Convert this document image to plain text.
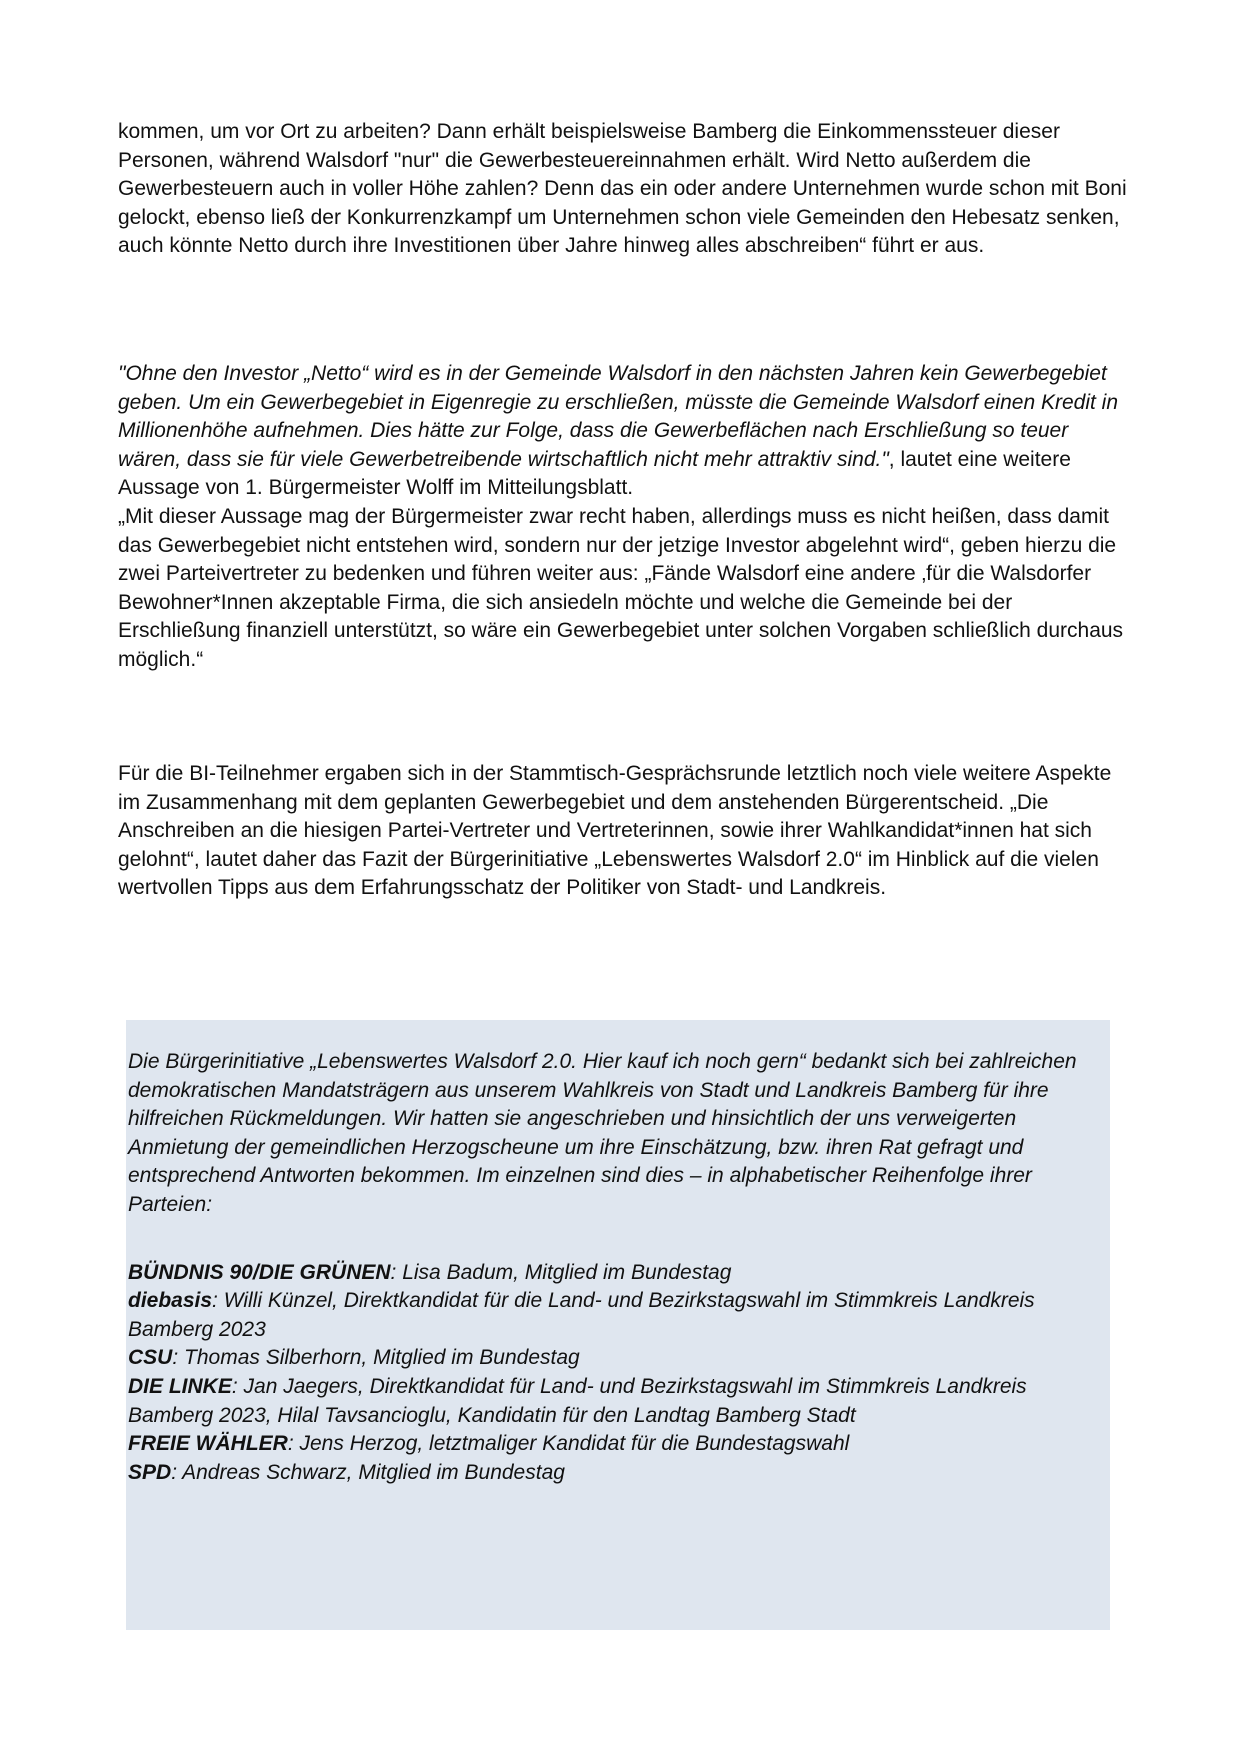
kommen, um vor Ort zu arbeiten? Dann erhält beispielsweise Bamberg die Einkommenssteuer dieser Personen, während Walsdorf "nur" die Gewerbesteuereinnahmen erhält. Wird Netto außerdem die Gewerbesteuern auch in voller Höhe zahlen? Denn das ein oder andere Unternehmen wurde schon mit Boni gelockt, ebenso ließ der Konkurrenzkampf um Unternehmen schon viele Gemeinden den Hebesatz senken, auch könnte Netto durch ihre Investitionen über Jahre hinweg alles abschreiben“ führt er aus.

"Ohne den Investor „Netto“ wird es in der Gemeinde Walsdorf in den nächsten Jahren kein Gewerbegebiet geben. Um ein Gewerbegebiet in Eigenregie zu erschließen, müsste die Gemeinde Walsdorf einen Kredit in Millionenhöhe aufnehmen. Dies hätte zur Folge, dass die Gewerbeflächen nach Erschließung so teuer wären, dass sie für viele Gewerbetreibende wirtschaftlich nicht mehr attraktiv sind.", lautet eine weitere Aussage von 1. Bürgermeister Wolff im Mitteilungsblatt.
„Mit dieser Aussage mag der Bürgermeister zwar recht haben, allerdings muss es nicht heißen, dass damit das Gewerbegebiet nicht entstehen wird, sondern nur der jetzige Investor abgelehnt wird“, geben hierzu die zwei Parteivertreter zu bedenken und führen weiter aus: „Fände Walsdorf eine andere ‚für die Walsdorfer Bewohner*Innen akzeptable Firma, die sich ansiedeln möchte und welche die Gemeinde bei der Erschließung finanziell unterstützt, so wäre ein Gewerbegebiet unter solchen Vorgaben schließlich durchaus möglich.“

Für die BI-Teilnehmer ergaben sich in der Stammtisch-Gesprächsrunde letztlich noch viele weitere Aspekte im Zusammenhang mit dem geplanten Gewerbegebiet und dem anstehenden Bürgerentscheid. „Die Anschreiben an die hiesigen Partei-Vertreter und Vertreterinnen, sowie ihrer Wahlkandidat*innen hat sich gelohnt“, lautet daher das Fazit der Bürgerinitiative „Lebenswertes Walsdorf 2.0“ im Hinblick auf die vielen wertvollen Tipps aus dem Erfahrungsschatz der Politiker von Stadt- und Landkreis.

Die Bürgerinitiative „Lebenswertes Walsdorf 2.0. Hier kauf ich noch gern“ bedankt sich bei zahlreichen demokratischen Mandatsträgern aus unserem Wahlkreis von Stadt und Landkreis Bamberg für ihre hilfreichen Rückmeldungen. Wir hatten sie angeschrieben und hinsichtlich der uns verweigerten Anmietung der gemeindlichen Herzogscheune um ihre Einschätzung, bzw. ihren Rat gefragt und entsprechend Antworten bekommen. Im einzelnen sind dies – in alphabetischer Reihenfolge ihrer Parteien:

BÜNDNIS 90/DIE GRÜNEN: Lisa Badum, Mitglied im Bundestag

diebasis: Willi Künzel, Direktkandidat für die Land- und Bezirkstagswahl im Stimmkreis Landkreis Bamberg 2023

CSU: Thomas Silberhorn, Mitglied im Bundestag

DIE LINKE: Jan Jaegers, Direktkandidat für Land- und Bezirkstagswahl im Stimmkreis Landkreis Bamberg 2023, Hilal Tavsancioglu, Kandidatin für den Landtag Bamberg Stadt

FREIE WÄHLER: Jens Herzog, letztmaliger Kandidat für die Bundestagswahl

SPD: Andreas Schwarz, Mitglied im Bundestag
